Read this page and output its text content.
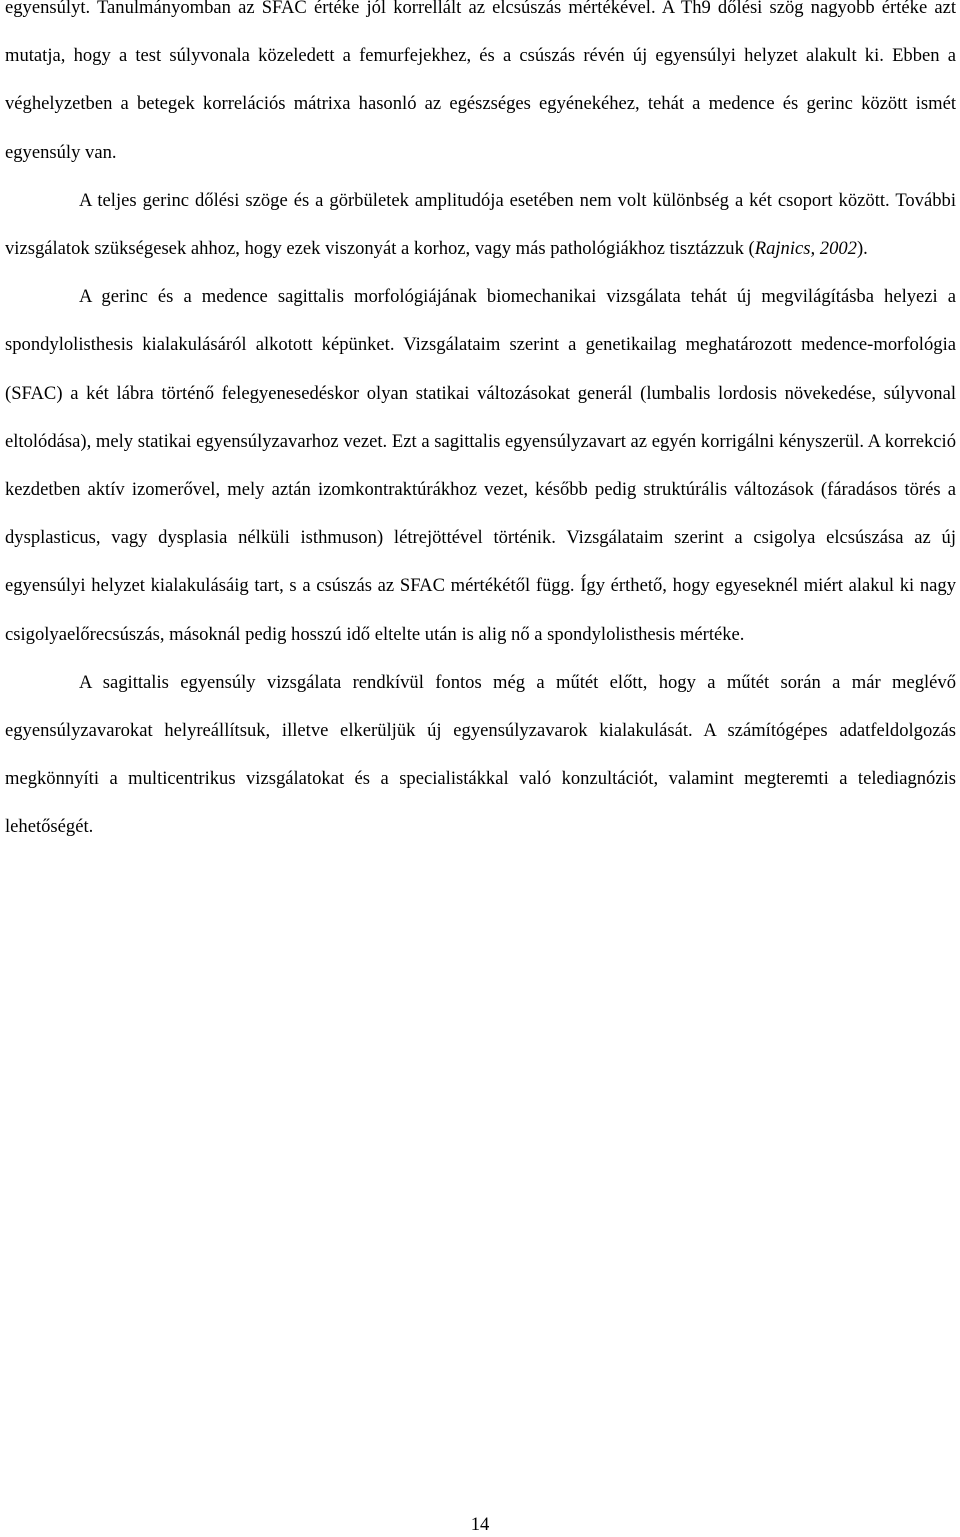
egyensúlyt. Tanulmányomban az SFAC értéke jól korrellált az elcsúszás mértékével. A Th9 dőlési szög nagyobb értéke azt mutatja, hogy a test súlyvonala közeledett a femurfejekhez, és a csúszás révén új egyensúlyi helyzet alakult ki. Ebben a véghelyzetben a betegek korrelációs mátrixa hasonló az egészséges egyénekéhez, tehát a medence és gerinc között ismét egyensúly van.

A teljes gerinc dőlési szöge és a görbületek amplitudója esetében nem volt különbség a két csoport között. További vizsgálatok szükségesek ahhoz, hogy ezek viszonyát a korhoz, vagy más pathológiákhoz tisztázzuk (Rajnics, 2002).

A gerinc és a medence sagittalis morfológiájának biomechanikai vizsgálata tehát új megvilágításba helyezi a spondylolisthesis kialakulásáról alkotott képünket. Vizsgálataim szerint a genetikailag meghatározott medence-morfológia (SFAC) a két lábra történő felegyenesedéskor olyan statikai változásokat generál (lumbalis lordosis növekedése, súlyvonal eltolódása), mely statikai egyensúlyzavarhoz vezet. Ezt a sagittalis egyensúlyzavart az egyén korrigálni kényszerül. A korrekció kezdetben aktív izomerővel, mely aztán izomkontraktúrákhoz vezet, később pedig struktúrális változások (fáradásos törés a dysplasticus, vagy dysplasia nélküli isthmuson) létrejöttével történik. Vizsgálataim szerint a csigolya elcsúszása az új egyensúlyi helyzet kialakulásáig tart, s a csúszás az SFAC mértékétől függ. Így érthető, hogy egyeseknél miért alakul ki nagy csigolyaelőrecsúszás, másoknál pedig hosszú idő eltelte után is alig nő a spondylolisthesis mértéke.

A sagittalis egyensúly vizsgálata rendkívül fontos még a műtét előtt, hogy a műtét során a már meglévő egyensúlyzavarokat helyreállítsuk, illetve elkerüljük új egyensúlyzavarok kialakulását. A számítógépes adatfeldolgozás megkönnyíti a multicentrikus vizsgálatokat és a specialistákkal való konzultációt, valamint megteremti a telediagnózis lehetőségét.

14
